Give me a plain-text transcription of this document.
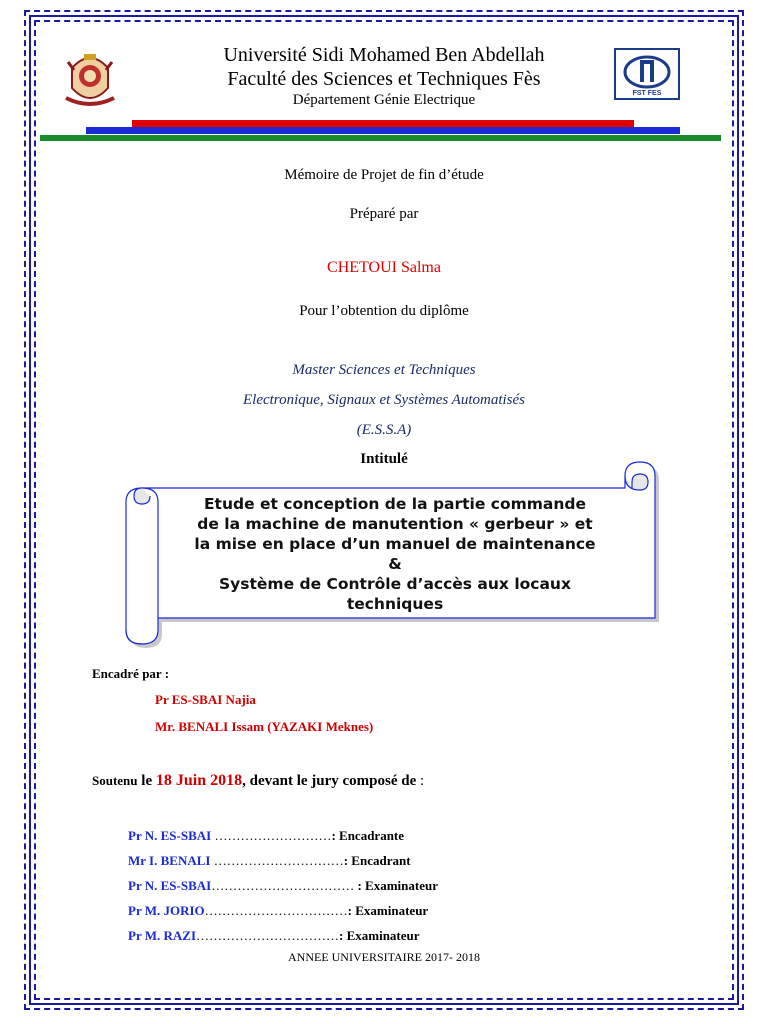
Université Sidi Mohamed Ben Abdellah
Faculté des Sciences et Techniques Fès
Département Génie Electrique	FST FES
Mémoire de Projet de fin d’étude
Préparé par
CHETOUI Salma
Pour l’obtention du diplôme
Master Sciences et Techniques
Electronique, Signaux et Systèmes Automatisés
(E.S.S.A)
Intitulé
Etude et conception de la partie commande
de la machine de manutention « gerbeur » et
la mise en place d’un manuel de maintenance
&
Système de Contrôle d’accès aux locaux
techniques
Encadré par :
Pr ES-SBAI Najia
Mr. BENALI Issam (YAZAKI Meknes)
Soutenu le 18 Juin 2018, devant le jury composé de :
Pr N. ES-SBAI ………………………: Encadrante
Mr I. BENALI …………………………: Encadrant
Pr N. ES-SBAI…………………………… : Examinateur
Pr M. JORIO……………………………: Examinateur
Pr M. RAZI……………………………: Examinateur
ANNEE UNIVERSITAIRE 2017- 2018
